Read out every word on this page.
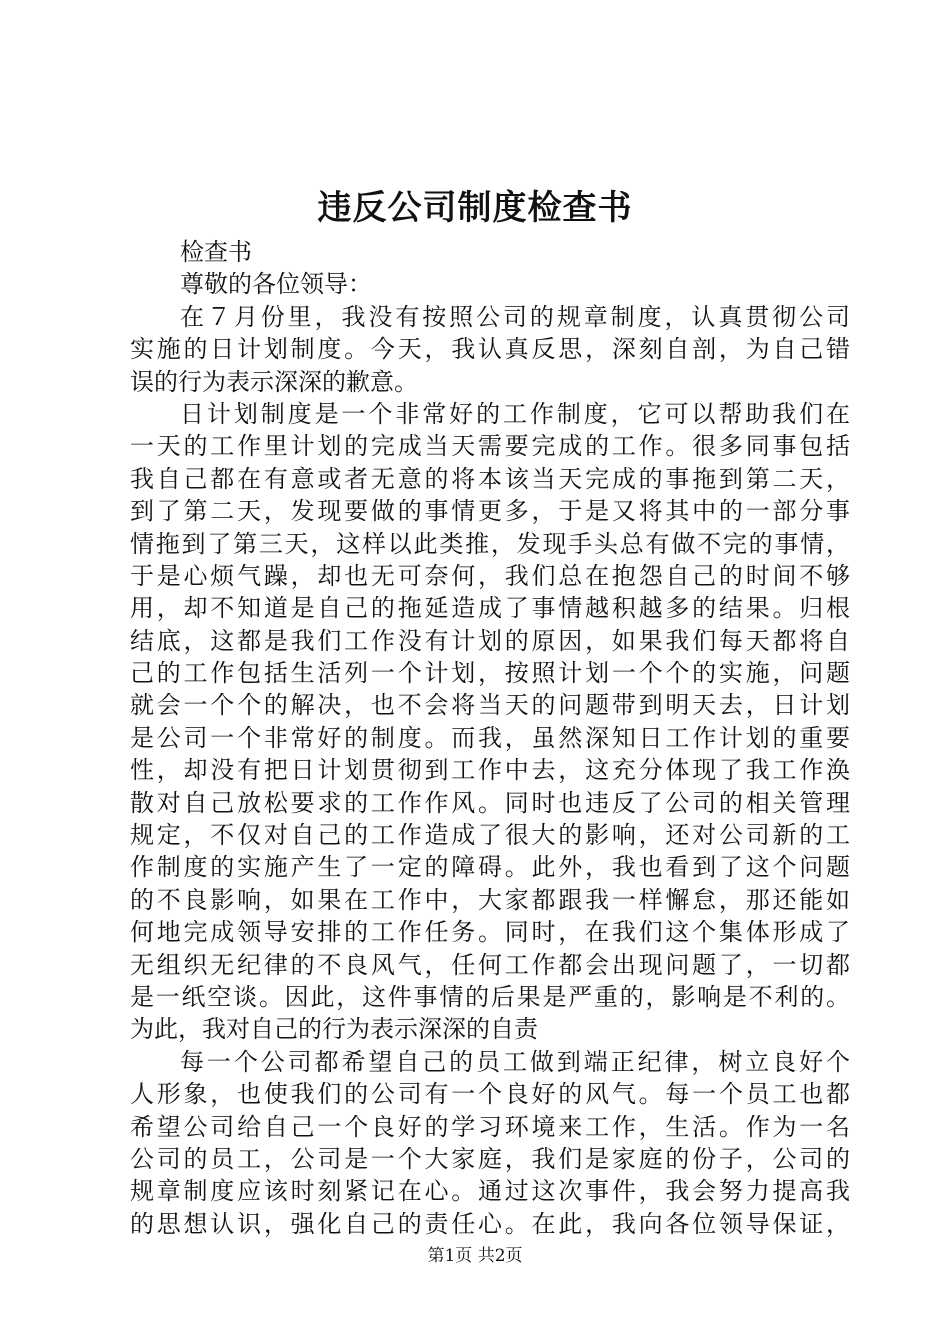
违反公司制度检查书
检查书
尊敬的各位领导：
在７月份里，我没有按照公司的规章制度，认真贯彻公司
实施的日计划制度。今天，我认真反思，深刻自剖，为自己错
误的行为表示深深的歉意。
日计划制度是一个非常好的工作制度，它可以帮助我们在
一天的工作里计划的完成当天需要完成的工作。很多同事包括
我自己都在有意或者无意的将本该当天完成的事拖到第二天，
到了第二天，发现要做的事情更多，于是又将其中的一部分事
情拖到了第三天，这样以此类推，发现手头总有做不完的事情，
于是心烦气躁，却也无可奈何，我们总在抱怨自己的时间不够
用，却不知道是自己的拖延造成了事情越积越多的结果。归根
结底，这都是我们工作没有计划的原因，如果我们每天都将自
己的工作包括生活列一个计划，按照计划一个个的实施，问题
就会一个个的解决，也不会将当天的问题带到明天去，日计划
是公司一个非常好的制度。而我，虽然深知日工作计划的重要
性，却没有把日计划贯彻到工作中去，这充分体现了我工作涣
散对自己放松要求的工作作风。同时也违反了公司的相关管理
规定，不仅对自己的工作造成了很大的影响，还对公司新的工
作制度的实施产生了一定的障碍。此外，我也看到了这个问题
的不良影响，如果在工作中，大家都跟我一样懈怠，那还能如
何地完成领导安排的工作任务。同时，在我们这个集体形成了
无组织无纪律的不良风气，任何工作都会出现问题了，一切都
是一纸空谈。因此，这件事情的后果是严重的，影响是不利的。
为此，我对自己的行为表示深深的自责
每一个公司都希望自己的员工做到端正纪律，树立良好个
人形象，也使我们的公司有一个良好的风气。每一个员工也都
希望公司给自己一个良好的学习环境来工作，生活。作为一名
公司的员工，公司是一个大家庭，我们是家庭的份子，公司的
规章制度应该时刻紧记在心。通过这次事件，我会努力提高我
的思想认识，强化自己的责任心。在此，我向各位领导保证，
第1页 共2页
